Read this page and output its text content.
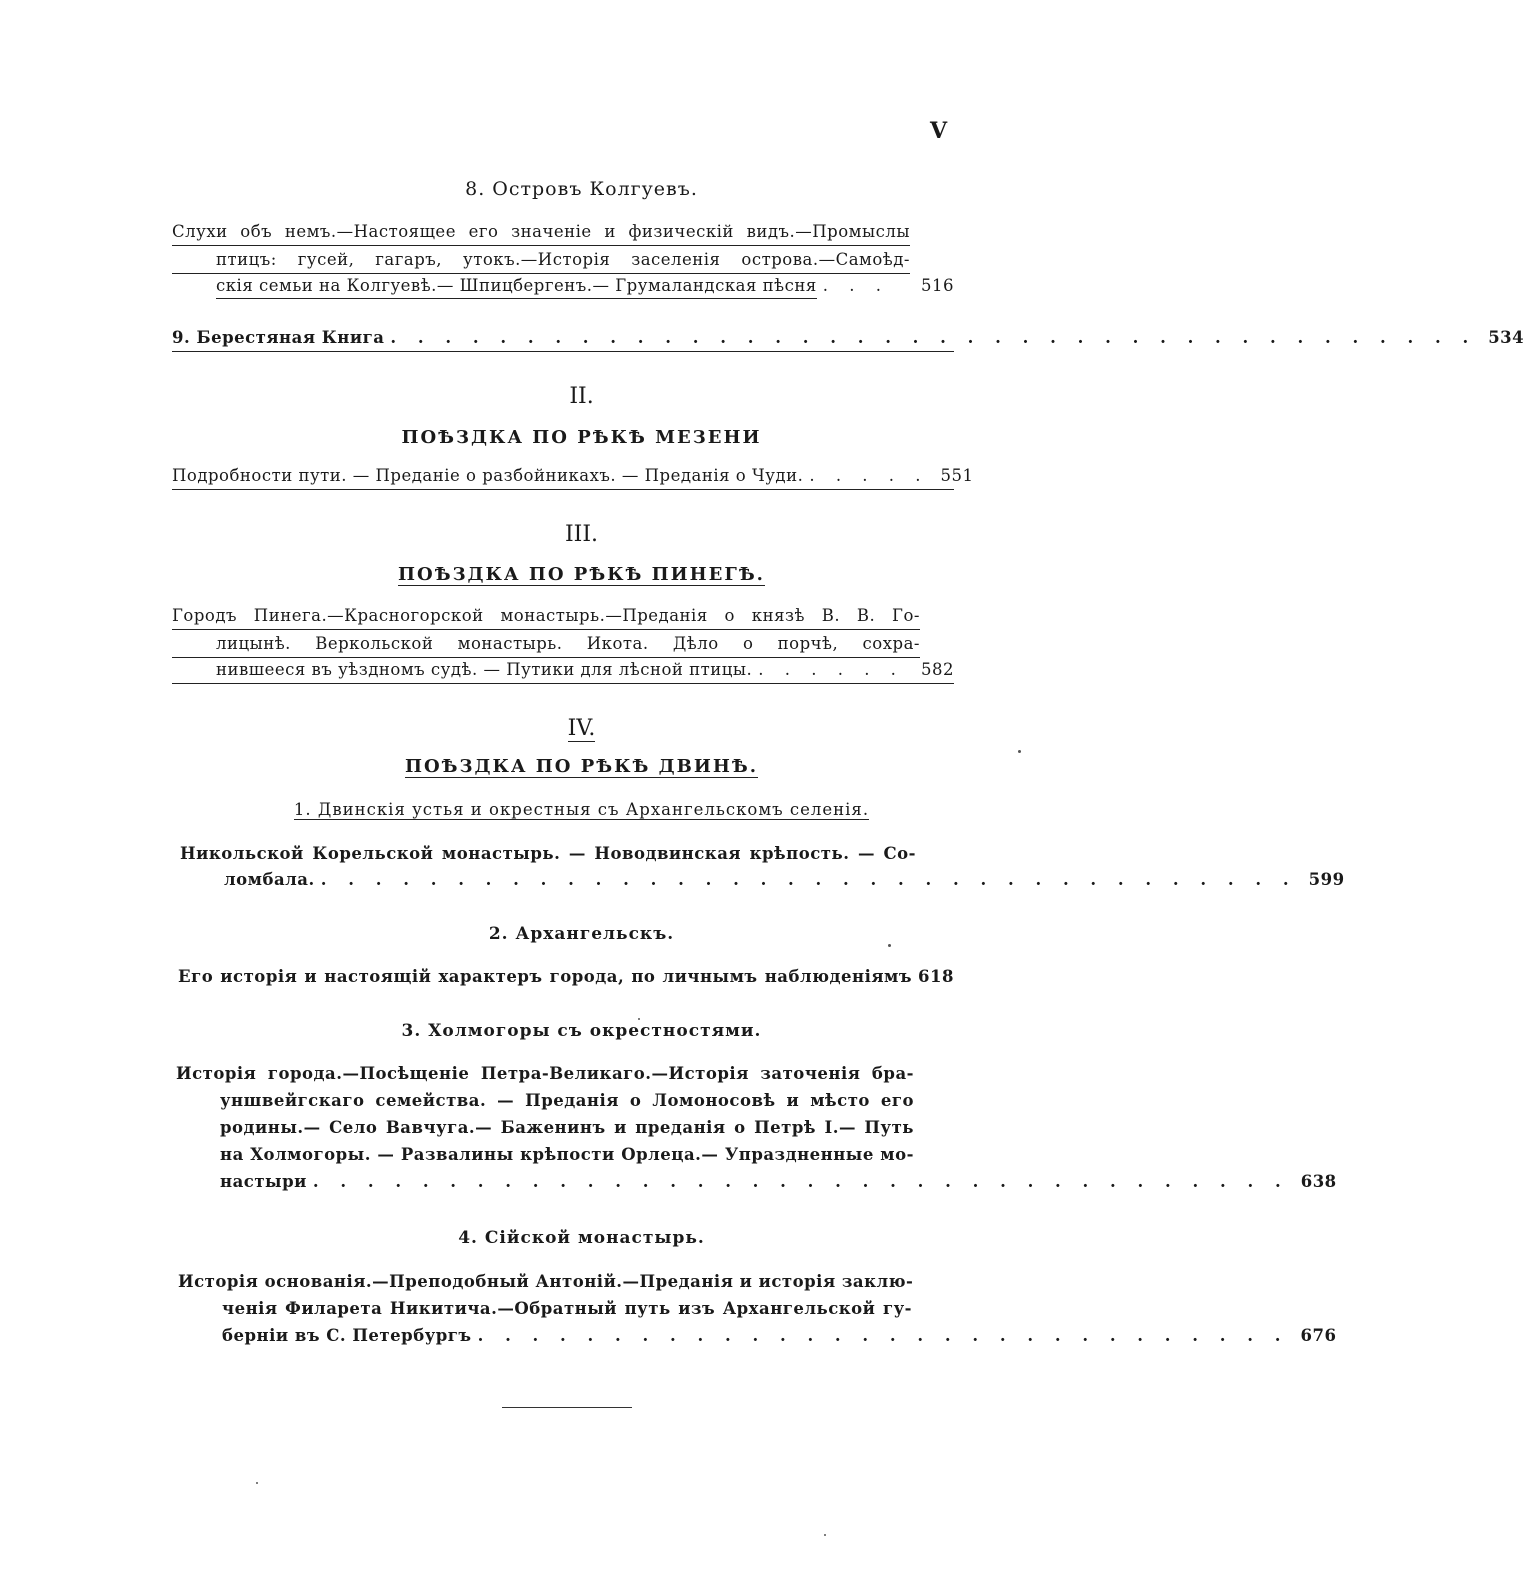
V
8. Островъ Колгуевъ.
Слухи объ немъ.—Настоящее его значеніе и физическій видъ.—Промыслы
птицъ: гусей, гагаръ, утокъ.—Исторія заселенія острова.—Самоѣд-
скія семьи на Колгуевѣ.— Шпицбергенъ.— Грумаландская пѣсня . . .	516
9. Берестяная Книга . . . . . . . . . . . . . . . . . . . . . . . . . . . . . . . . . . . . . . . . 534
II.
ПОѢЗДКА ПО РѢКѢ МЕЗЕНИ
Подробности пути. — Преданіе о разбойникахъ. — Преданія о Чуди. . . . . . 551
III.
ПОѢЗДКА ПО РѢКѢ ПИНЕГѢ.
Городъ Пинега.—Красногорской монастырь.—Преданія о князѣ В. В. Го-
лицынѣ. Веркольской монастырь. Икота. Дѣло о порчѣ, сохра-
нившееся въ уѣздномъ судѣ. — Путики для лѣсной птицы. . . . . . .	582
IV.
ПОѢЗДКА ПО РѢКѢ ДВИНѢ.
1. Двинскія устья и окрестныя съ Архангельскомъ селенія.
Никольской Корельской монастырь. — Новодвинская крѣпость. — Со-
ломбала. . . . . . . . . . . . . . . . . . . . . . . . . . . . . . . . . . . . . 599
2. Архангельскъ.
Его исторія и настоящій характеръ города, по личнымъ наблюденіямъ 618
3. Холмогоры съ окрестностями.
Исторія города.—Посѣщеніе Петра-Великаго.—Исторія заточенія бра-
уншвейгскаго семейства. — Преданія о Ломоносовѣ и мѣсто его
родины.— Село Вавчуга.— Баженинъ и преданія о Петрѣ I.— Путь
на Холмогоры. — Развалины крѣпости Орлеца.— Упраздненные мо-
настыри . . . . . . . . . . . . . . . . . . . . . . . . . . . . . . . . . . . . 638
4. Сійской монастырь.
Исторія основанія.—Преподобный Антоній.—Преданія и исторія заклю-
ченія Филарета Никитича.—Обратный путь изъ Архангельской гу-
берніи въ С. Петербургъ . . . . . . . . . . . . . . . . . . . . . . . . . . . . . . 676
